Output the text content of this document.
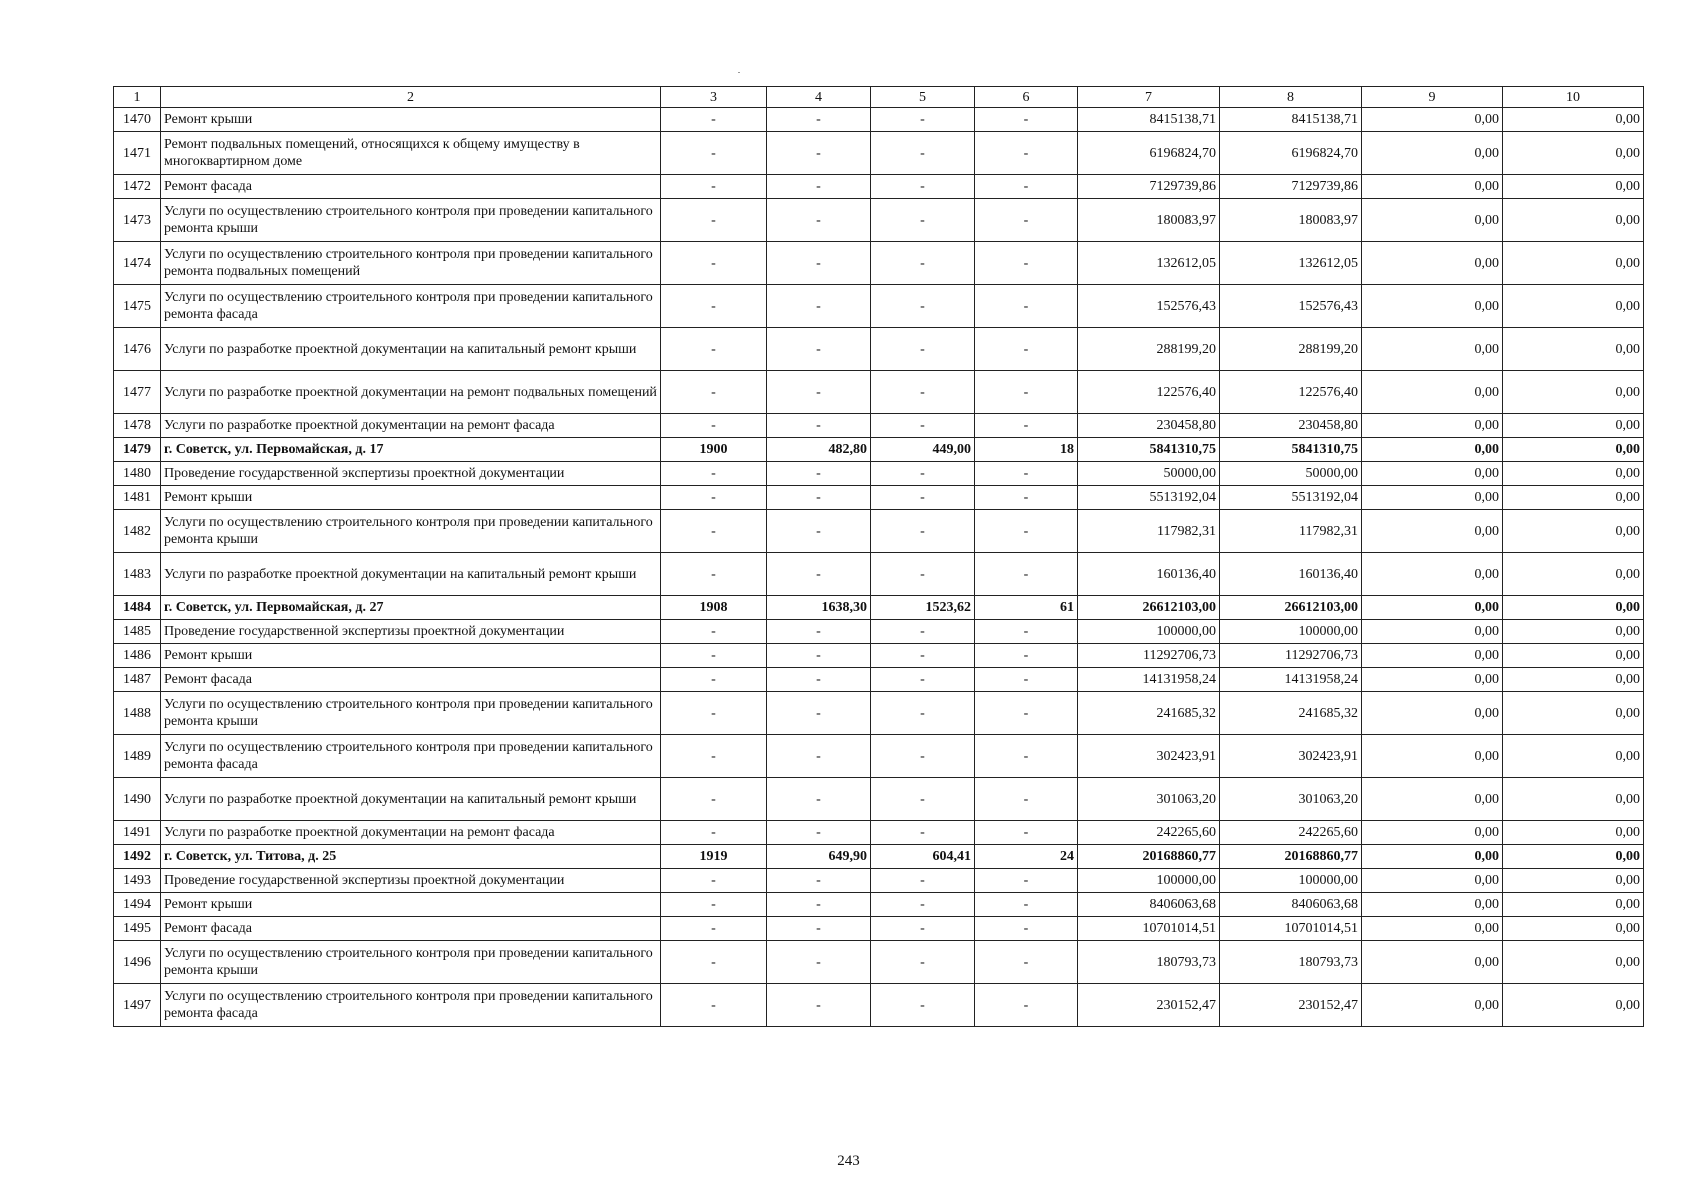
1	2	3	4	5	6	7	8	9	10
1470	Ремонт крыши	-	-	-	-	8415138,71	8415138,71	0,00	0,00
1471	Ремонт подвальных помещений, относящихся к общему имуществу в многоквартирном доме	-	-	-	-	6196824,70	6196824,70	0,00	0,00
1472	Ремонт фасада	-	-	-	-	7129739,86	7129739,86	0,00	0,00
1473	Услуги по осуществлению строительного контроля при проведении капитального ремонта крыши	-	-	-	-	180083,97	180083,97	0,00	0,00
1474	Услуги по осуществлению строительного контроля при проведении капитального ремонта подвальных помещений	-	-	-	-	132612,05	132612,05	0,00	0,00
1475	Услуги по осуществлению строительного контроля при проведении капитального ремонта фасада	-	-	-	-	152576,43	152576,43	0,00	0,00
1476	Услуги по разработке проектной документации на капитальный ремонт крыши	-	-	-	-	288199,20	288199,20	0,00	0,00
1477	Услуги по разработке проектной документации на ремонт подвальных помещений	-	-	-	-	122576,40	122576,40	0,00	0,00
1478	Услуги по разработке проектной документации на ремонт фасада	-	-	-	-	230458,80	230458,80	0,00	0,00
1479	г. Советск, ул. Первомайская, д. 17	1900	482,80	449,00	18	5841310,75	5841310,75	0,00	0,00
1480	Проведение государственной экспертизы проектной документации	-	-	-	-	50000,00	50000,00	0,00	0,00
1481	Ремонт крыши	-	-	-	-	5513192,04	5513192,04	0,00	0,00
1482	Услуги по осуществлению строительного контроля при проведении капитального ремонта крыши	-	-	-	-	117982,31	117982,31	0,00	0,00
1483	Услуги по разработке проектной документации на капитальный ремонт крыши	-	-	-	-	160136,40	160136,40	0,00	0,00
1484	г. Советск, ул. Первомайская, д. 27	1908	1638,30	1523,62	61	26612103,00	26612103,00	0,00	0,00
1485	Проведение государственной экспертизы проектной документации	-	-	-	-	100000,00	100000,00	0,00	0,00
1486	Ремонт крыши	-	-	-	-	11292706,73	11292706,73	0,00	0,00
1487	Ремонт фасада	-	-	-	-	14131958,24	14131958,24	0,00	0,00
1488	Услуги по осуществлению строительного контроля при проведении капитального ремонта крыши	-	-	-	-	241685,32	241685,32	0,00	0,00
1489	Услуги по осуществлению строительного контроля при проведении капитального ремонта фасада	-	-	-	-	302423,91	302423,91	0,00	0,00
1490	Услуги по разработке проектной документации на капитальный ремонт крыши	-	-	-	-	301063,20	301063,20	0,00	0,00
1491	Услуги по разработке проектной документации на ремонт фасада	-	-	-	-	242265,60	242265,60	0,00	0,00
1492	г. Советск, ул. Титова, д. 25	1919	649,90	604,41	24	20168860,77	20168860,77	0,00	0,00
1493	Проведение государственной экспертизы проектной документации	-	-	-	-	100000,00	100000,00	0,00	0,00
1494	Ремонт крыши	-	-	-	-	8406063,68	8406063,68	0,00	0,00
1495	Ремонт фасада	-	-	-	-	10701014,51	10701014,51	0,00	0,00
1496	Услуги по осуществлению строительного контроля при проведении капитального ремонта крыши	-	-	-	-	180793,73	180793,73	0,00	0,00
1497	Услуги по осуществлению строительного контроля при проведении капитального ремонта фасада	-	-	-	-	230152,47	230152,47	0,00	0,00
243
